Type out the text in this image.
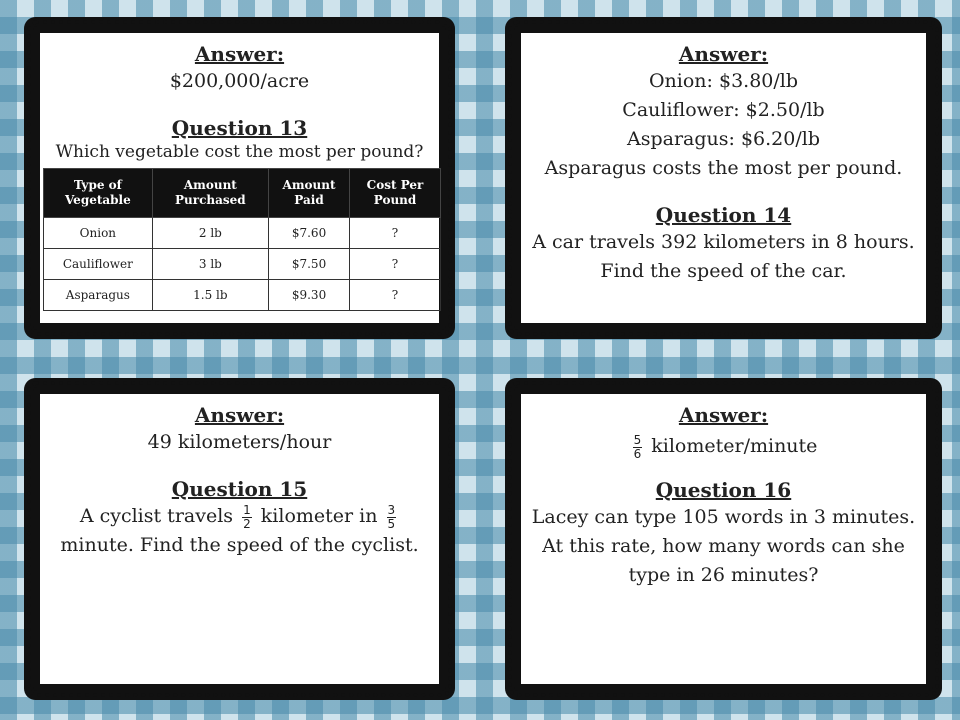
Answer:
$200,000/acre
Question 13
Which vegetable cost the most per pound?
Type of Vegetable	Amount Purchased	Amount Paid	Cost Per Pound
Onion	2 lb	$7.60	?
Cauliflower	3 lb	$7.50	?
Asparagus	1.5 lb	$9.30	?
Answer:
Onion: $3.80/lb
Cauliflower: $2.50/lb
Asparagus: $6.20/lb
Asparagus costs the most per pound.
Question 14
A car travels 392 kilometers in 8 hours.
Find the speed of the car.
Answer:
49 kilometers/hour
Question 15
A cyclist travels $\frac{1}{2}$ kilometer in $\frac{3}{5}$
minute. Find the speed of the cyclist.
Answer:
$\frac{5}{6}$ kilometer/minute
Question 16
Lacey can type 105 words in 3 minutes.
At this rate, how many words can she
type in 26 minutes?
